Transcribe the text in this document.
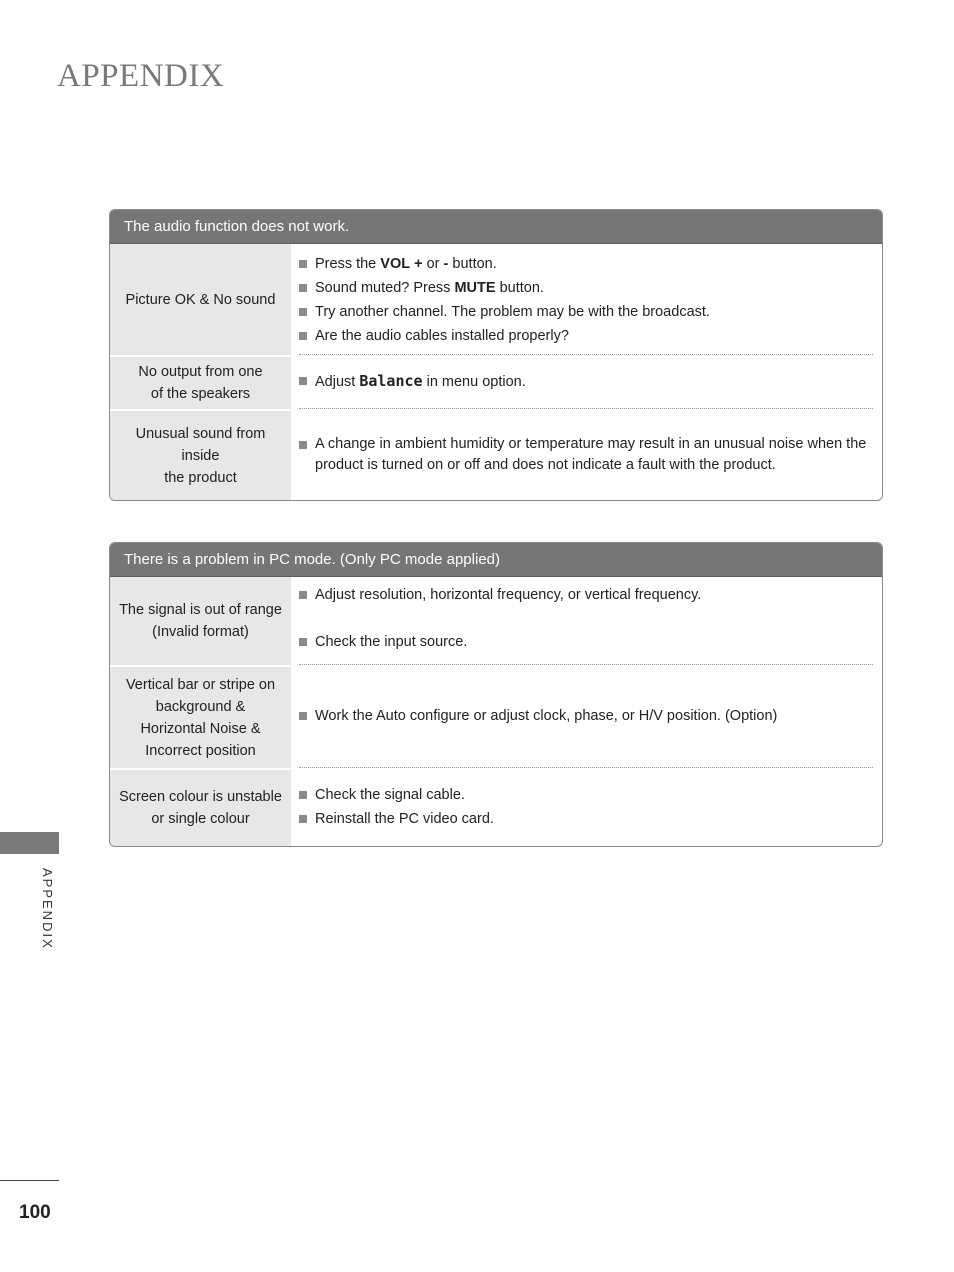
APPENDIX
The audio function does not work.
Picture OK & No sound
Press the VOL + or - button.
Sound muted? Press MUTE button.
Try another channel. The problem may be with the broadcast.
Are the audio cables installed properly?
No output from one
of the speakers
Adjust Balance in menu option.
Unusual sound from
inside
the product
A change in ambient humidity or temperature may result in an unusual noise when the product is turned on or off and does not indicate a fault with the product.
There is a problem in PC mode. (Only PC mode applied)
The signal is out of range
(Invalid format)
Adjust resolution, horizontal frequency, or vertical frequency.
Check the input source.
Vertical bar or stripe on
background &
Horizontal Noise &
Incorrect position
Work the Auto configure or adjust clock, phase, or H/V position. (Option)
Screen colour is unstable
or single colour
Check the signal cable.
Reinstall the PC video card.
APPENDIX
100
